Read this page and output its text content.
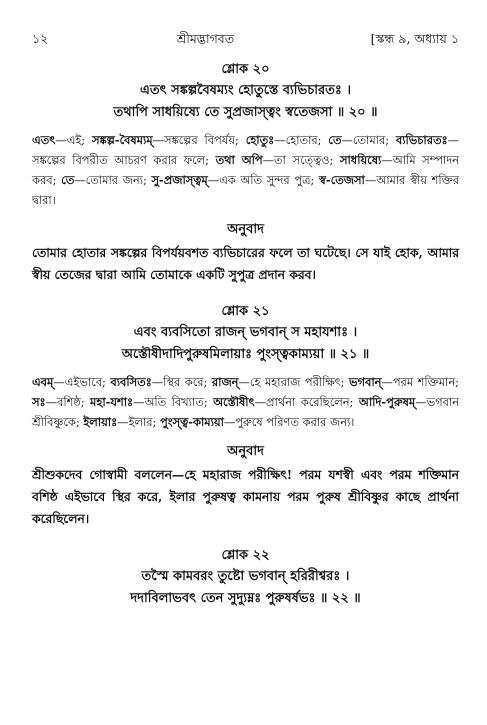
১২	শ্রীমদ্ভাগবত	[স্কন্ধ ৯, অধ্যায় ১
শ্লোক ২০
এতৎ সঙ্কল্পবৈষম্যং হোতুস্তে ব্যভিচারতঃ ।
তথাপি সাধয়িষ্যে তে সুপ্রজাস্ত্বং স্বতেজসা ॥ ২০ ॥
এতৎ—এই; সঙ্কল্প-বৈষম্যম্—সঙ্কল্পের বিপর্যয়; হোতুঃ—হোতার; তে—তোমার; ব্যভিচারতঃ—সঙ্কল্পের বিপরীত আচরণ করার ফলে; তথা অপি—তা সত্ত্বেও; সাধয়িষ্যে—আমি সম্পাদন করব; তে—তোমার জন্য; সু-প্রজাস্ত্বম্—এক অতি সুন্দর পুত্র; স্ব-তেজসা—আমার স্বীয় শক্তির দ্বারা।
অনুবাদ
তোমার হোতার সঙ্কল্পের বিপর্যয়বশত ব্যভিচারের ফলে তা ঘটেছে। সে যাই হোক, আমার স্বীয় তেজের দ্বারা আমি তোমাকে একটি সুপুত্র প্রদান করব।
শ্লোক ২১
এবং ব্যবসিতো রাজন্ ভগবান্ স মহাযশাঃ ।
অস্তৌষীদাদিপুরুষমিলায়াঃ পুংস্ত্বকাম্যয়া ॥ ২১ ॥
এবম্—এইভাবে; ব্যবসিতঃ—স্থির করে; রাজন্—হে মহারাজ পরীক্ষিৎ; ভগবান্—পরম শক্তিমান; সঃ—বশিষ্ঠ; মহা-যশাঃ—অতি বিখ্যাত; অস্তৌষীৎ—প্রার্থনা করেছিলেন; আদি-পুরুষম্—ভগবান শ্রীবিষ্ণুকে; ইলায়াঃ—ইলার; পুংস্ত্ব-কাম্যয়া—পুরুষে পরিণত করার জন্য।
অনুবাদ
শ্রীশুকদেব গোস্বামী বললেন—হে মহারাজ পরীক্ষিৎ! পরম যশস্বী এবং পরম শক্তিমান বশিষ্ঠ এইভাবে স্থির করে, ইলার পুরুষত্ব কামনায় পরম পুরুষ শ্রীবিষ্ণুর কাছে প্রার্থনা করেছিলেন।
শ্লোক ২২
তস্মৈ কামবরং তুষ্টো ভগবান্ হরিরীশ্বরঃ ।
দদাবিলাভবৎ তেন সুদ্যুম্নঃ পুরুষর্ষভঃ ॥ ২২ ॥
